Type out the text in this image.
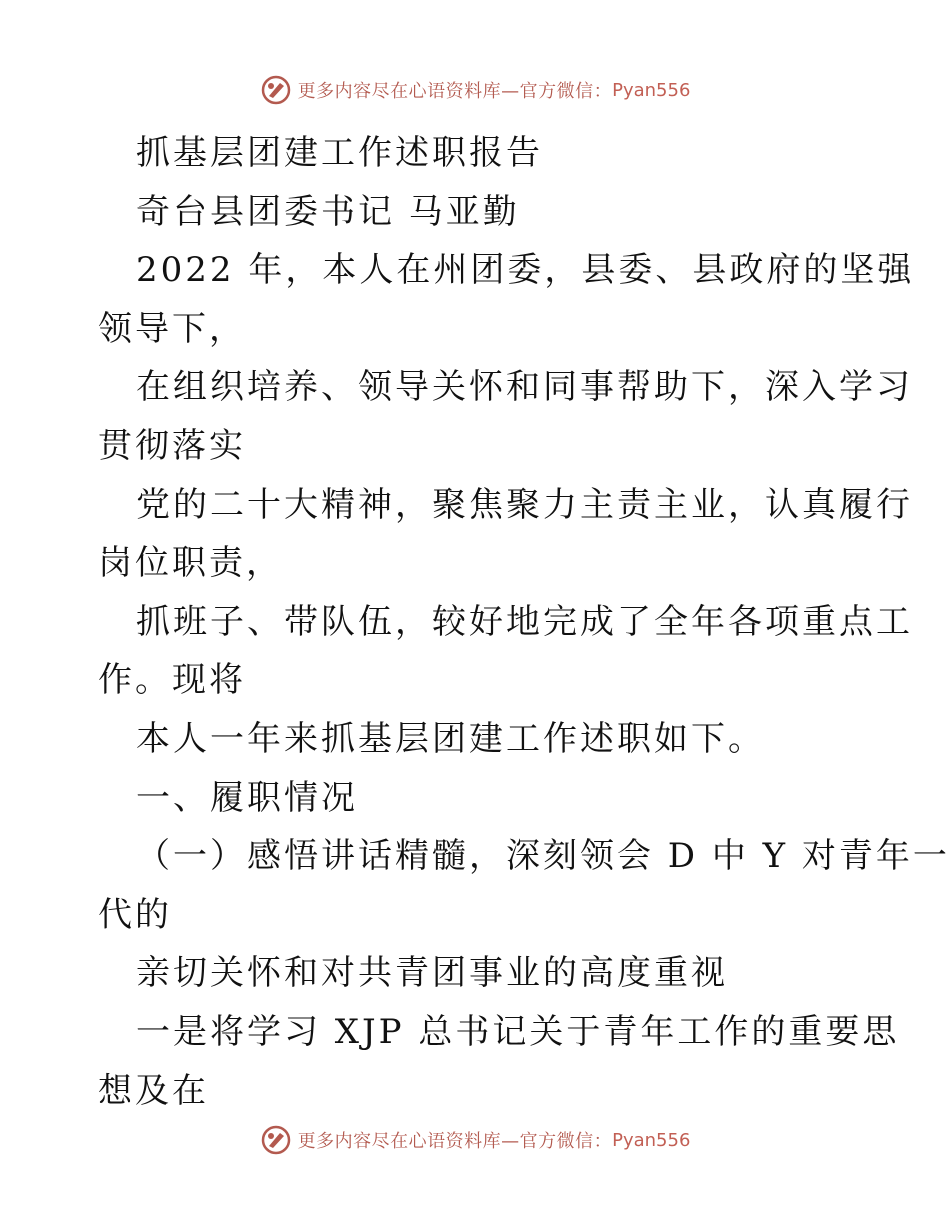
更多内容尽在心语资料库—官方微信： Pyan556
抓基层团建工作述职报告
奇台县团委书记 马亚勤
2022 年，本人在州团委，县委、县政府的坚强
领导下，
在组织培养、领导关怀和同事帮助下，深入学习
贯彻落实
党的二十大精神，聚焦聚力主责主业，认真履行
岗位职责，
抓班子、带队伍，较好地完成了全年各项重点工
作。现将
本人一年来抓基层团建工作述职如下。
一、履职情况
（一）感悟讲话精髓，深刻领会 D 中 Y 对青年一
代的
亲切关怀和对共青团事业的高度重视
一是将学习 XJP 总书记关于青年工作的重要思
想及在
更多内容尽在心语资料库—官方微信： Pyan556
